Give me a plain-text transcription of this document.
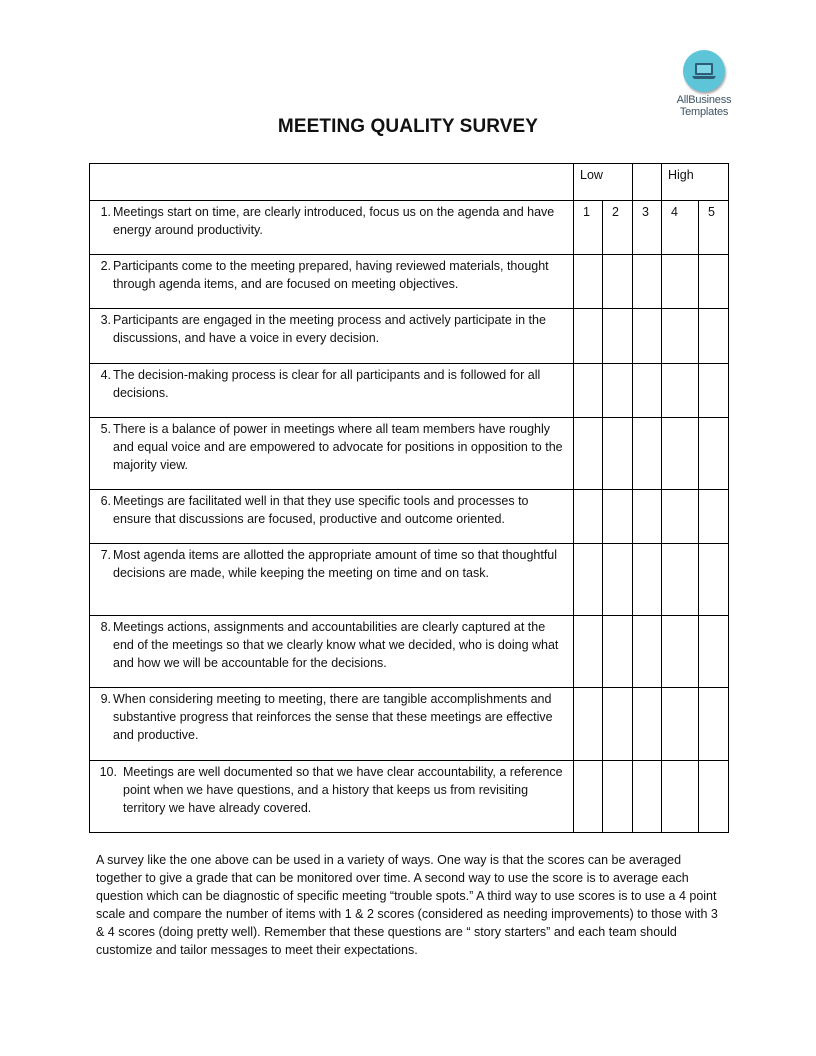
AllBusiness
Templates
MEETING QUALITY SURVEY
	Low			High	

1. Meetings start on time, are clearly introduced, focus us on the agenda and have energy around productivity.	1	2	3	4	5

2. Participants come to the meeting prepared, having reviewed materials, thought through agenda items, and are focused on meeting objectives.					

3. Participants are engaged in the meeting process and actively participate in the discussions, and have a voice in every decision.					

4. The decision-making process is clear for all participants and is followed for all decisions.					

5. There is a balance of power in meetings where all team members have roughly and equal voice and are empowered to advocate for positions in opposition to the majority view.					

6. Meetings are facilitated well in that they use specific tools and processes to ensure that discussions are focused, productive and outcome oriented.					

7. Most agenda items are allotted the appropriate amount of time so that thoughtful decisions are made, while keeping the meeting on time and on task.					

8. Meetings actions, assignments and accountabilities are clearly captured at the end of the meetings so that we clearly know what we decided, who is doing what and how we will be accountable for the decisions.					

9. When considering meeting to meeting, there are tangible accomplishments and substantive progress that reinforces the sense that these meetings are effective and productive.					

10. Meetings are well documented so that we have clear accountability, a reference point when we have questions, and a history that keeps us from revisiting territory we have already covered.					

A survey like the one above can be used in a variety of ways. One way is that the scores can be averaged together to give a grade that can be monitored over time. A second way to use the score is to average each question which can be diagnostic of specific meeting “trouble spots.” A third way to use scores is to use a 4 point scale and compare the number of items with 1 & 2 scores (considered as needing improvements) to those with 3 & 4 scores (doing pretty well). Remember that these questions are “ story starters” and each team should customize and tailor messages to meet their expectations.
